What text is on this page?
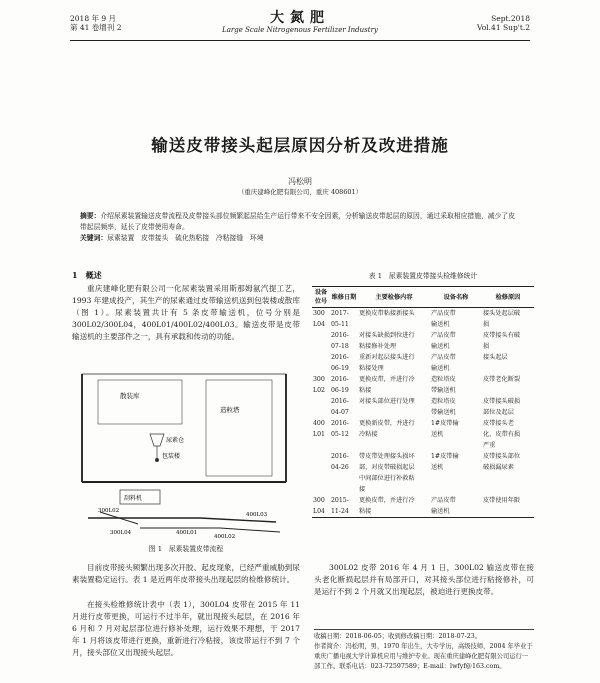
2018 年 9 月
第 41 卷增刊 2
大氮肥
Large Scale Nitrogenous Fertilizer Industry
Sept.2018
Vol.41 Sup't.2
输送皮带接头起层原因分析及改进措施
冯松明
（重庆建峰化肥有限公司，重庆 408601）
摘要：介绍尿素装置输送皮带流程及皮带接头部位频繁起层给生产运行带来不安全因素，分析输送皮带起层的原因，通过采取相应措施，减少了皮带起层频率，延长了皮带使用寿命。
关键词：尿素装置　皮带接头　硫化热粘接　冷粘接缝　环境
1　概述
重庆建峰化肥有限公司一化尿素装置采用斯那姆氨汽提工艺，1993 年建成投产，其生产的尿素通过皮带输送机送到包装楼或散库（图 1）。尿素装置共计有 5 条皮带输送机，位号分别是 300L02/300L04，400L01/400L02/400L03。输送皮带是皮带输送机的主要部件之一，具有承载和传动的功能。
散装库
造粒塔
尿素仓
包装楼
刮料机
300L02
300L04	400L01
400L02
400L03
图 1　尿素装置皮带流程
目前皮带接头频繁出现多次开胶、起皮现象，已经严重威胁到尿素装置稳定运行。表 1 是近两年皮带接头出现起层的检维修统计。
在接头检维修统计表中（表 1），300L04 皮带在 2015 年 11 月进行皮带更换，可运行不过半年，就出现接头起层，在 2016 年 6 月和 7 月对起层部位进行修补处理，运行效果不理想，于 2017 年 1 月将该皮带进行更换，重新进行冷粘接，该皮带运行不到 7 个月，接头部位又出现接头起层。
表 1　尿素装置皮带接头检维修统计
设备位号	维修日期	主要检修内容	设备名称	检修原因
300	2017-	更换皮带粘接新接头	产品皮带	接头处起层破
L04	05-11		输送机	损
	2016-	对接头缺损到位进行	产品皮带	皮带接头有破
	07-18	粘接修补处理	输送机	损
	2016-	重新对起层接头进行	产品皮带	接头起层
	06-19	粘接处理	输送机	
300	2016-	更换皮带，并进行冷	造粒塔皮	皮带老化断裂
L02	06-19	粘接	带输送机	
	2016-	对接头部位进行处理	造粒塔皮	皮带接头破损
	04-07		带输送机	部位及起层
400	2016-	更换新皮带，并进行	1#皮带输	皮带接头老
L01	05-12	冷粘接	送机	化，皮带有损
				严重
	2016-	带皮带处理接头损坏	1#皮带输	皮带接头部位
	04-26	部，对皮带破损起层	送机	破损漏尿素
		中间部位进行补救粘		
		接		
300	2015-	更换皮带，并进行冷	产品皮带	皮带使用年限
L04	11-24	粘接	输送机	
300L02 皮带 2016 年 4 月 1 日，300L02 输送皮带在接头老化断损起层并有局部开口，对其接头部位进行粘接修补，可是运行不到 2 个月就又出现起层，被迫进行更换皮带。
收稿日期：2018-06-05；收到修改稿日期：2018-07-23。
作者简介：冯松明，男，1970 年出生，大专学历，高级技师，2004 年毕业于重庆广播电视大学计算机应用与维护专业。现在重庆建峰化肥有限公司运行一部工作。联系电话：023-72597589；E-mail：lwfyf@163.com。
